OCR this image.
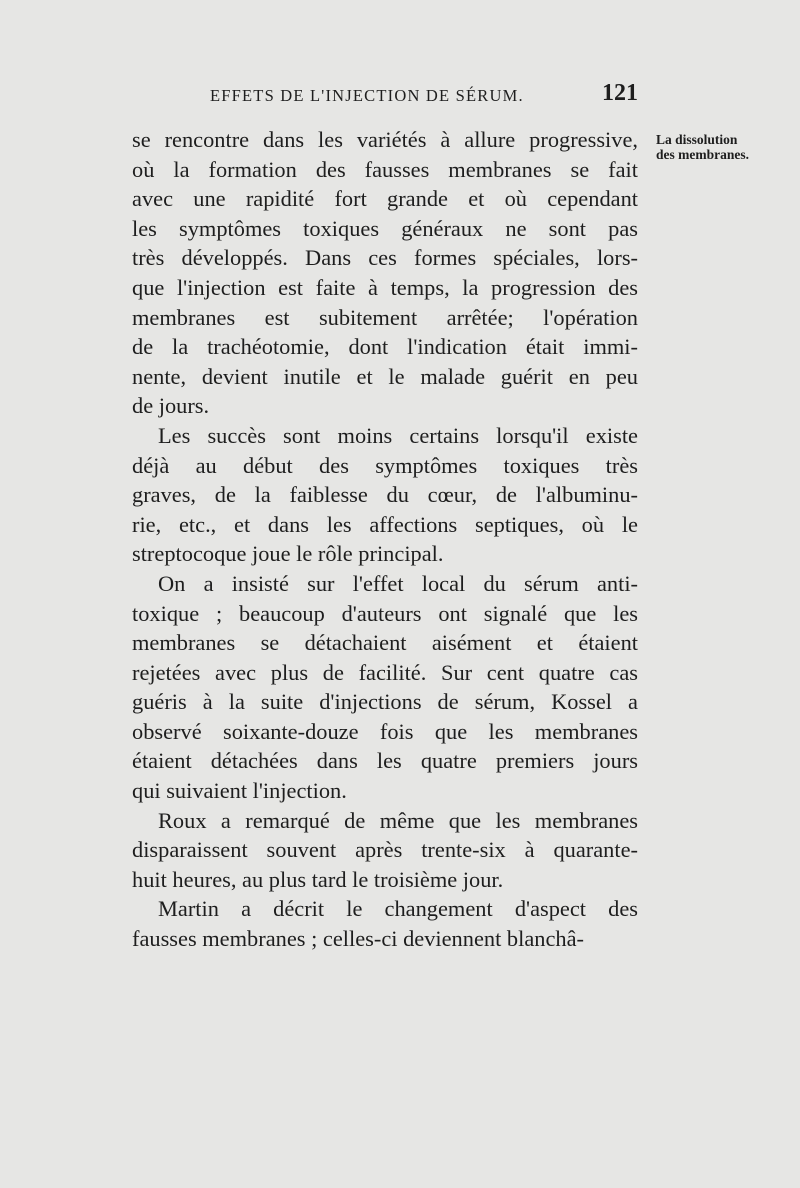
EFFETS DE L'INJECTION DE SÉRUM.	121
La dissolution
des membranes.
se rencontre dans les variétés à allure progressive,
où la formation des fausses membranes se fait
avec une rapidité fort grande et où cependant
les symptômes toxiques généraux ne sont pas
très développés. Dans ces formes spéciales, lors-
que l'injection est faite à temps, la progression des
membranes est subitement arrêtée; l'opération
de la trachéotomie, dont l'indication était immi-
nente, devient inutile et le malade guérit en peu
de jours.
Les succès sont moins certains lorsqu'il existe
déjà au début des symptômes toxiques très
graves, de la faiblesse du cœur, de l'albuminu-
rie, etc., et dans les affections septiques, où le
streptocoque joue le rôle principal.
On a insisté sur l'effet local du sérum anti-
toxique ; beaucoup d'auteurs ont signalé que les
membranes se détachaient aisément et étaient
rejetées avec plus de facilité. Sur cent quatre cas
guéris à la suite d'injections de sérum, Kossel a
observé soixante-douze fois que les membranes
étaient détachées dans les quatre premiers jours
qui suivaient l'injection.
Roux a remarqué de même que les membranes
disparaissent souvent après trente-six à quarante-
huit heures, au plus tard le troisième jour.
Martin a décrit le changement d'aspect des
fausses membranes ; celles-ci deviennent blanchâ-
